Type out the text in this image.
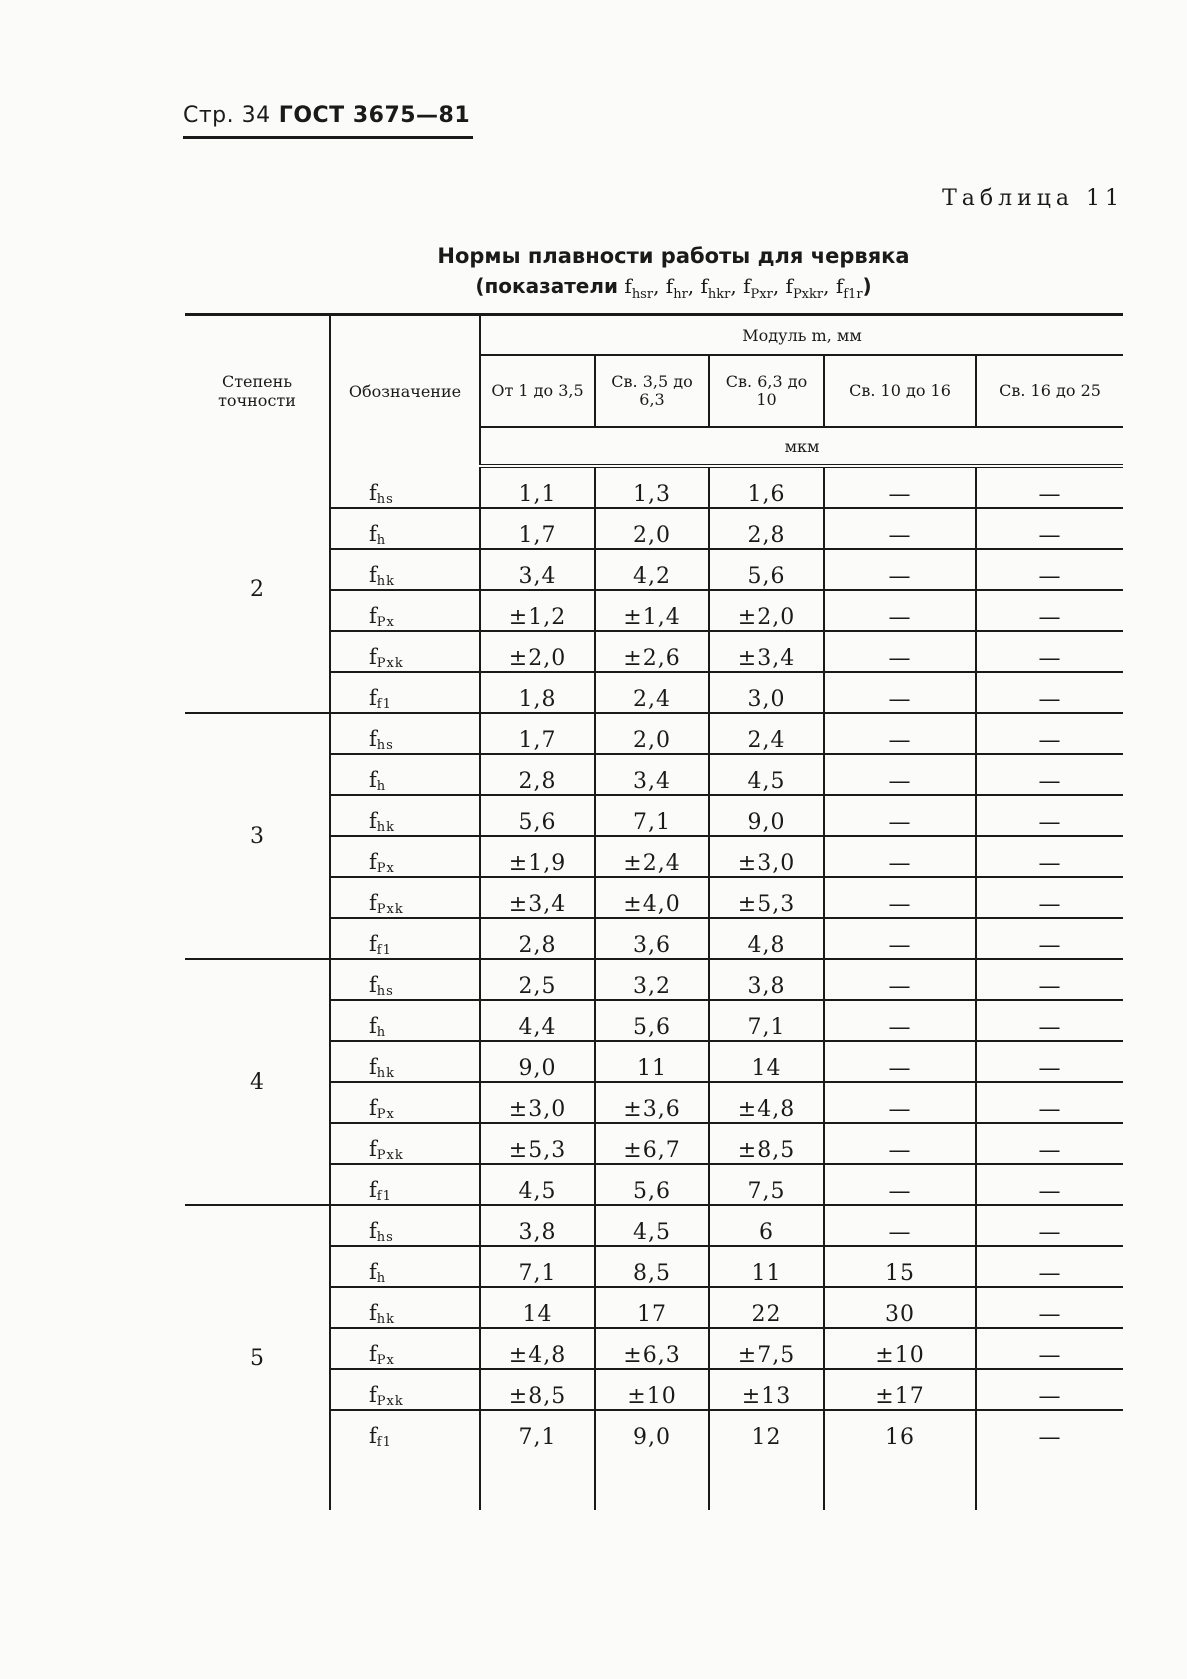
Стр. 34 ГОСТ 3675—81
Таблица 11
Нормы плавности работы для червяка
(показатели $f_{hsr}$, $f_{hr}$, $f_{hkr}$, $f_{Pxr}$, $f_{Pxkr}$, $f_{f1r}$)
Степень точности	Обозначение	Модуль m, мм				
		От 1 до 3,5	Св. 3,5 до 6,3	Св. 6,3 до 10	Св. 10 до 16	Св. 16 до 25
		мкм				
2	$f_{hs}$	1,1	1,3	1,6	—	—
	$f_h$	1,7	2,0	2,8	—	—
	$f_{hk}$	3,4	4,2	5,6	—	—
	$f_{Px}$	±1,2	±1,4	±2,0	—	—
	$f_{Pxk}$	±2,0	±2,6	±3,4	—	—
	$f_{f1}$	1,8	2,4	3,0	—	—
3	$f_{hs}$	1,7	2,0	2,4	—	—
	$f_h$	2,8	3,4	4,5	—	—
	$f_{hk}$	5,6	7,1	9,0	—	—
	$f_{Px}$	±1,9	±2,4	±3,0	—	—
	$f_{Pxk}$	±3,4	±4,0	±5,3	—	—
	$f_{f1}$	2,8	3,6	4,8	—	—
4	$f_{hs}$	2,5	3,2	3,8	—	—
	$f_h$	4,4	5,6	7,1	—	—
	$f_{hk}$	9,0	11	14	—	—
	$f_{Px}$	±3,0	±3,6	±4,8	—	—
	$f_{Pxk}$	±5,3	±6,7	±8,5	—	—
	$f_{f1}$	4,5	5,6	7,5	—	—
5	$f_{hs}$	3,8	4,5	6	—	—
	$f_h$	7,1	8,5	11	15	—
	$f_{hk}$	14	17	22	30	—
	$f_{Px}$	±4,8	±6,3	±7,5	±10	—
	$f_{Pxk}$	±8,5	±10	±13	±17	—
	$f_{f1}$	7,1	9,0	12	16	—
